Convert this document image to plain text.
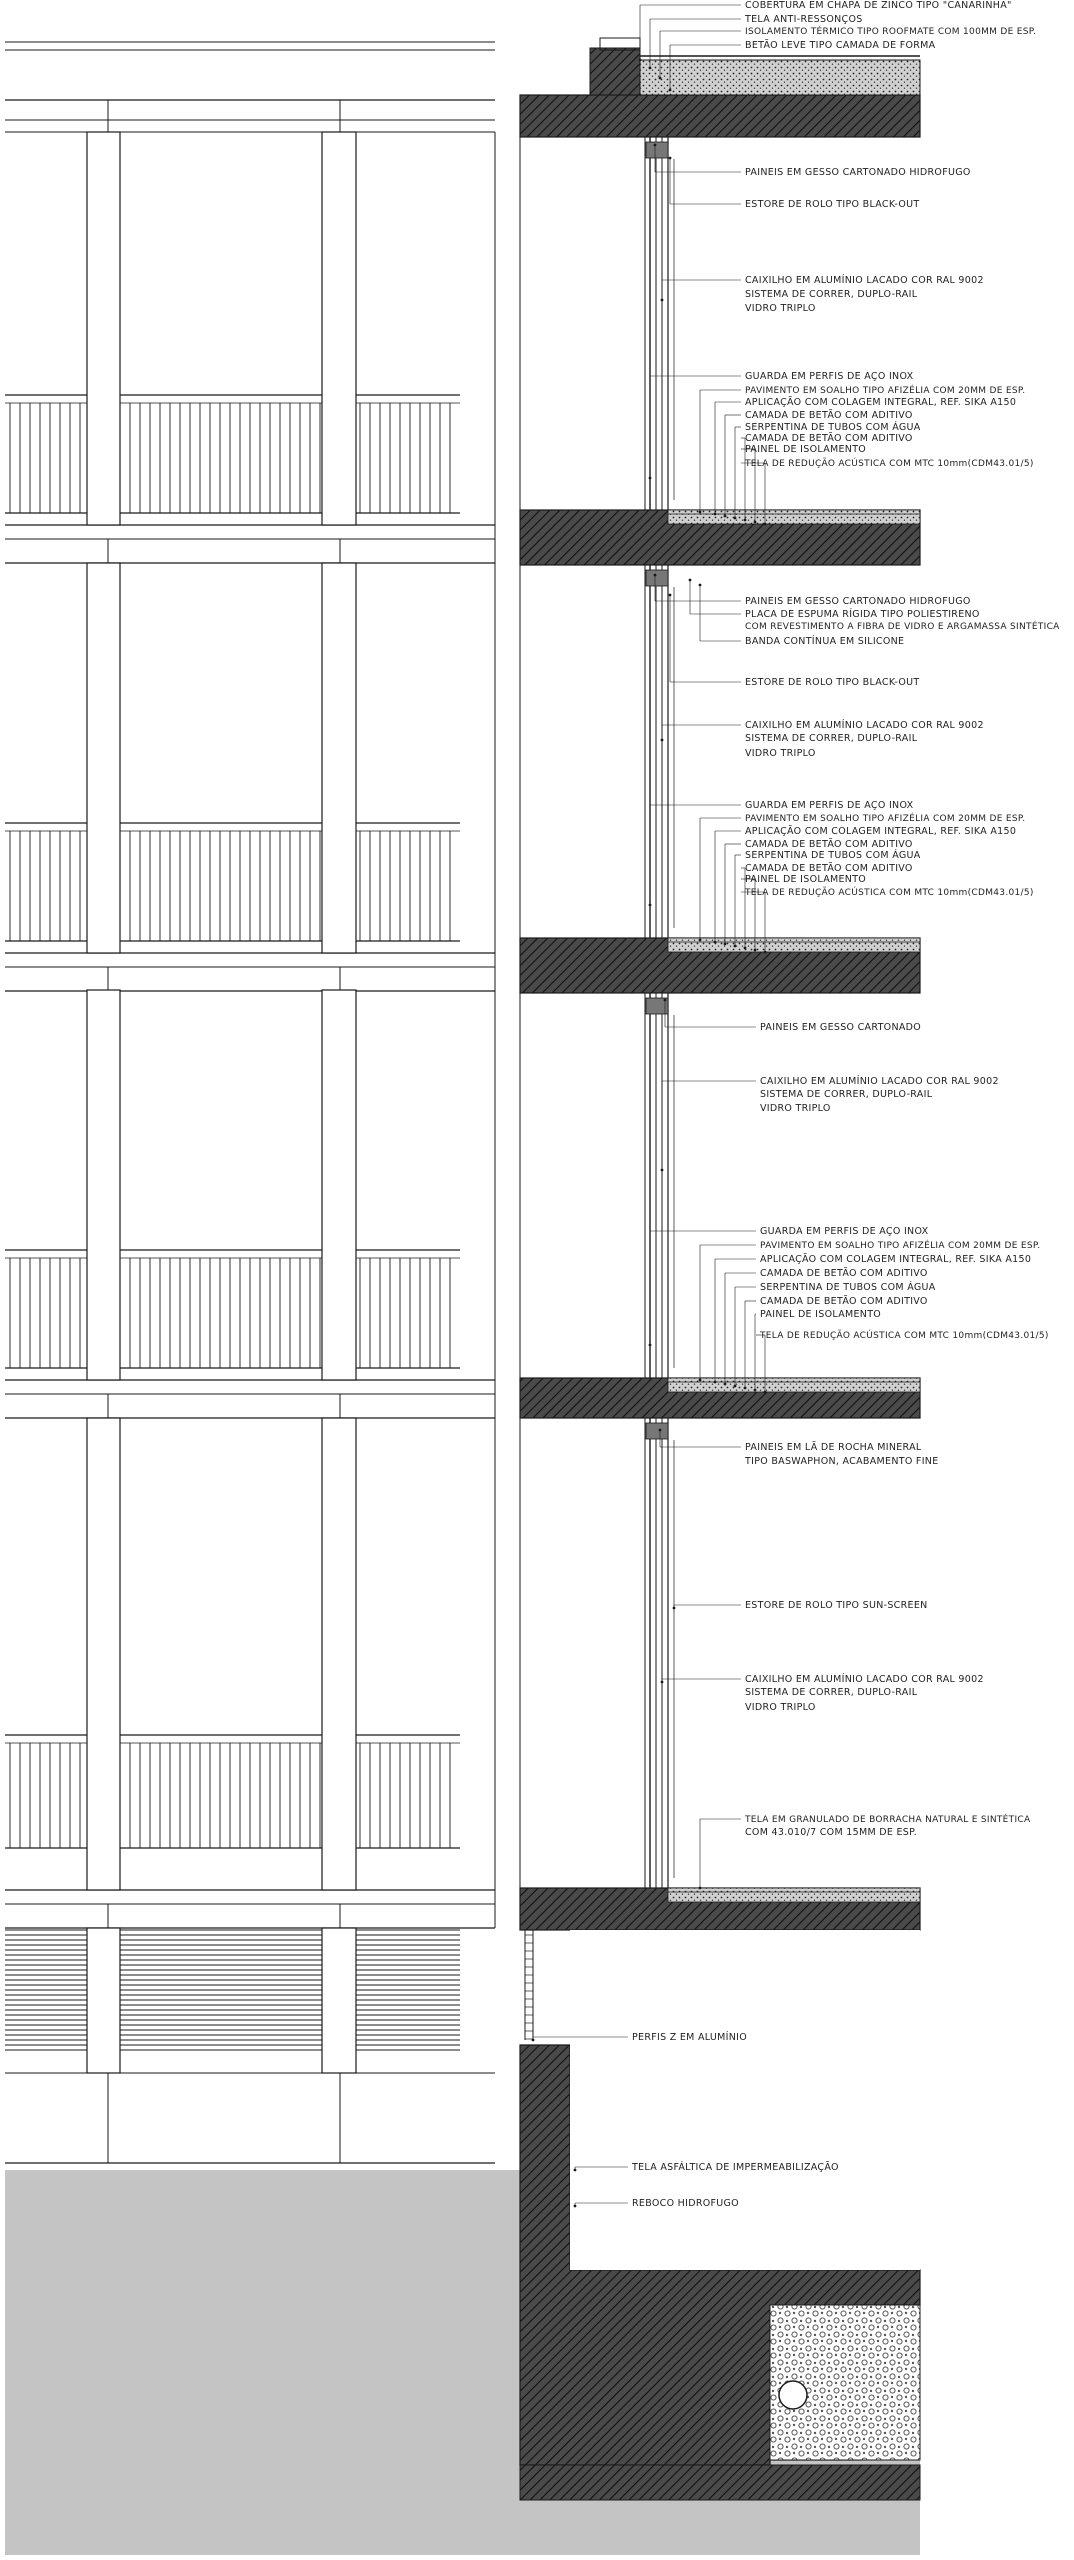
COBERTURA EM CHAPA DE ZINCO TIPO "CANARINHA"
TELA ANTI-RESSONÇOS
ISOLAMENTO TÉRMICO TIPO ROOFMATE COM 100MM DE ESP.
BETÃO LEVE TIPO CAMADA DE FORMA
PAINEIS EM GESSO CARTONADO HIDROFUGO
ESTORE DE ROLO TIPO BLACK-OUT
CAIXILHO EM ALUMÍNIO LACADO COR RAL 9002
SISTEMA DE CORRER, DUPLO-RAIL
VIDRO TRIPLO
GUARDA EM PERFIS DE AÇO INOX
PAVIMENTO EM SOALHO TIPO AFIZÉLIA COM 20MM DE ESP.
APLICAÇÃO COM COLAGEM INTEGRAL, REF. SIKA A150
CAMADA DE BETÃO COM ADITIVO
SERPENTINA DE TUBOS COM ÁGUA
CAMADA DE BETÃO COM ADITIVO
PAINEL DE ISOLAMENTO
TELA DE REDUÇÃO ACÚSTICA COM MTC 10mm(CDM43.01/5)
PAINEIS EM GESSO CARTONADO HIDROFUGO
PLACA DE ESPUMA RÍGIDA TIPO POLIESTIRENO
COM REVESTIMENTO A FIBRA DE VIDRO E ARGAMASSA SINTÉTICA
BANDA CONTÍNUA EM SILICONE
ESTORE DE ROLO TIPO BLACK-OUT
CAIXILHO EM ALUMÍNIO LACADO COR RAL 9002
SISTEMA DE CORRER, DUPLO-RAIL
VIDRO TRIPLO
GUARDA EM PERFIS DE AÇO INOX
PAVIMENTO EM SOALHO TIPO AFIZÉLIA COM 20MM DE ESP.
APLICAÇÃO COM COLAGEM INTEGRAL, REF. SIKA A150
CAMADA DE BETÃO COM ADITIVO
SERPENTINA DE TUBOS COM ÁGUA
CAMADA DE BETÃO COM ADITIVO
PAINEL DE ISOLAMENTO
TELA DE REDUÇÃO ACÚSTICA COM MTC 10mm(CDM43.01/5)
PAINEIS EM GESSO CARTONADO
CAIXILHO EM ALUMÍNIO LACADO COR RAL 9002
SISTEMA DE CORRER, DUPLO-RAIL
VIDRO TRIPLO
GUARDA EM PERFIS DE AÇO INOX
PAVIMENTO EM SOALHO TIPO AFIZÉLIA COM 20MM DE ESP.
APLICAÇÃO COM COLAGEM INTEGRAL, REF. SIKA A150
CAMADA DE BETÃO COM ADITIVO
SERPENTINA DE TUBOS COM ÁGUA
CAMADA DE BETÃO COM ADITIVO
PAINEL DE ISOLAMENTO
TELA DE REDUÇÃO ACÚSTICA COM MTC 10mm(CDM43.01/5)
PAINEIS EM LÃ DE ROCHA MINERAL
TIPO BASWAPHON, ACABAMENTO FINE
ESTORE DE ROLO TIPO SUN-SCREEN
CAIXILHO EM ALUMÍNIO LACADO COR RAL 9002
SISTEMA DE CORRER, DUPLO-RAIL
VIDRO TRIPLO
TELA EM GRANULADO DE BORRACHA NATURAL E SINTÉTICA
COM 43.010/7 COM 15MM DE ESP.
PERFIS Z EM ALUMÍNIO
TELA ASFÁLTICA DE IMPERMEABILIZAÇÃO
REBOCO HIDROFUGO
